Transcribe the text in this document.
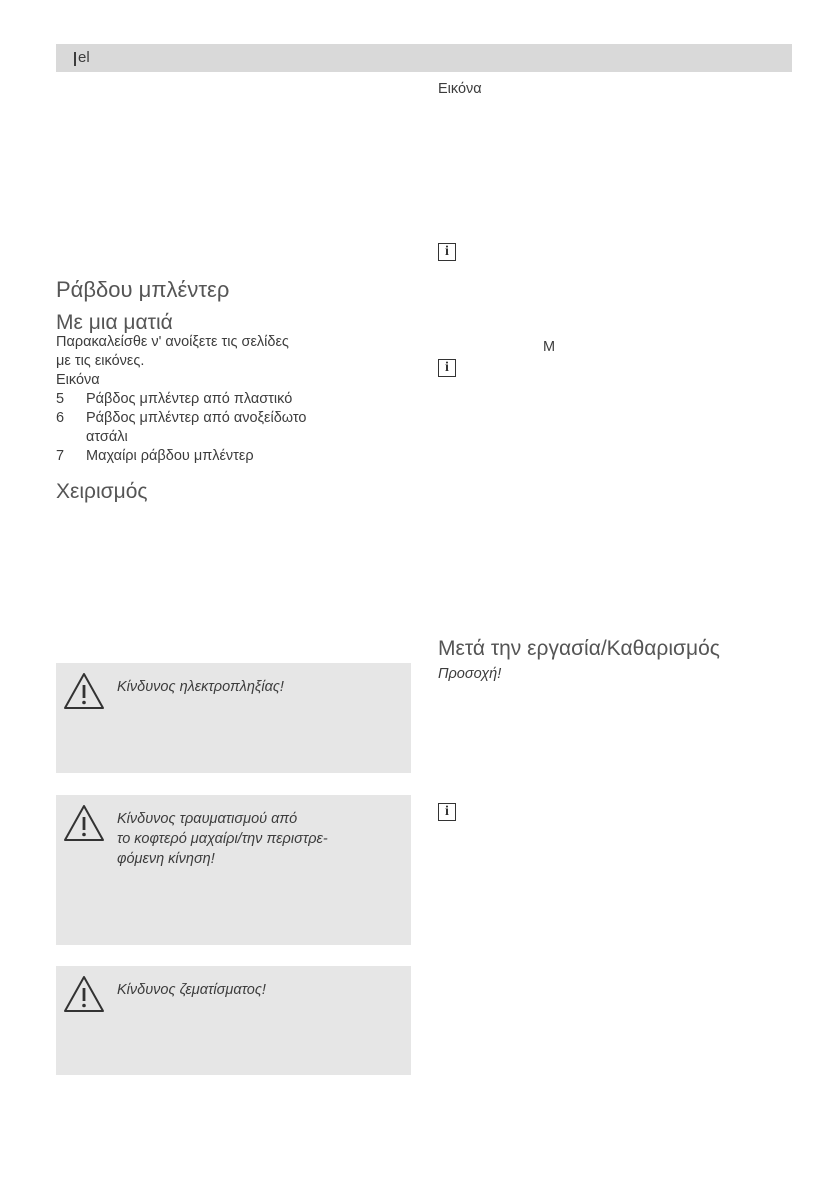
el
Ράβδου μπλέντερ
Με μια ματιά
Παρακαλείσθε ν' ανοίξετε τις σελίδες
με τις εικόνες.
Εικόνα
5 Ράβδος μπλέντερ από πλαστικό
6 Ράβδος μπλέντερ από ανοξείδωτο
ατσάλι
7 Μαχαίρι ράβδου μπλέντερ
Χειρισμός
Κίνδυνος ηλεκτροπληξίας!
Κίνδυνος τραυματισμού από
το κοφτερό μαχαίρι/την περιστρε-
φόμενη κίνηση!
Κίνδυνος ζεματίσματος!
Εικόνα
i
M
i
Μετά την εργασία/Καθαρισμός
Προσοχή!
i
